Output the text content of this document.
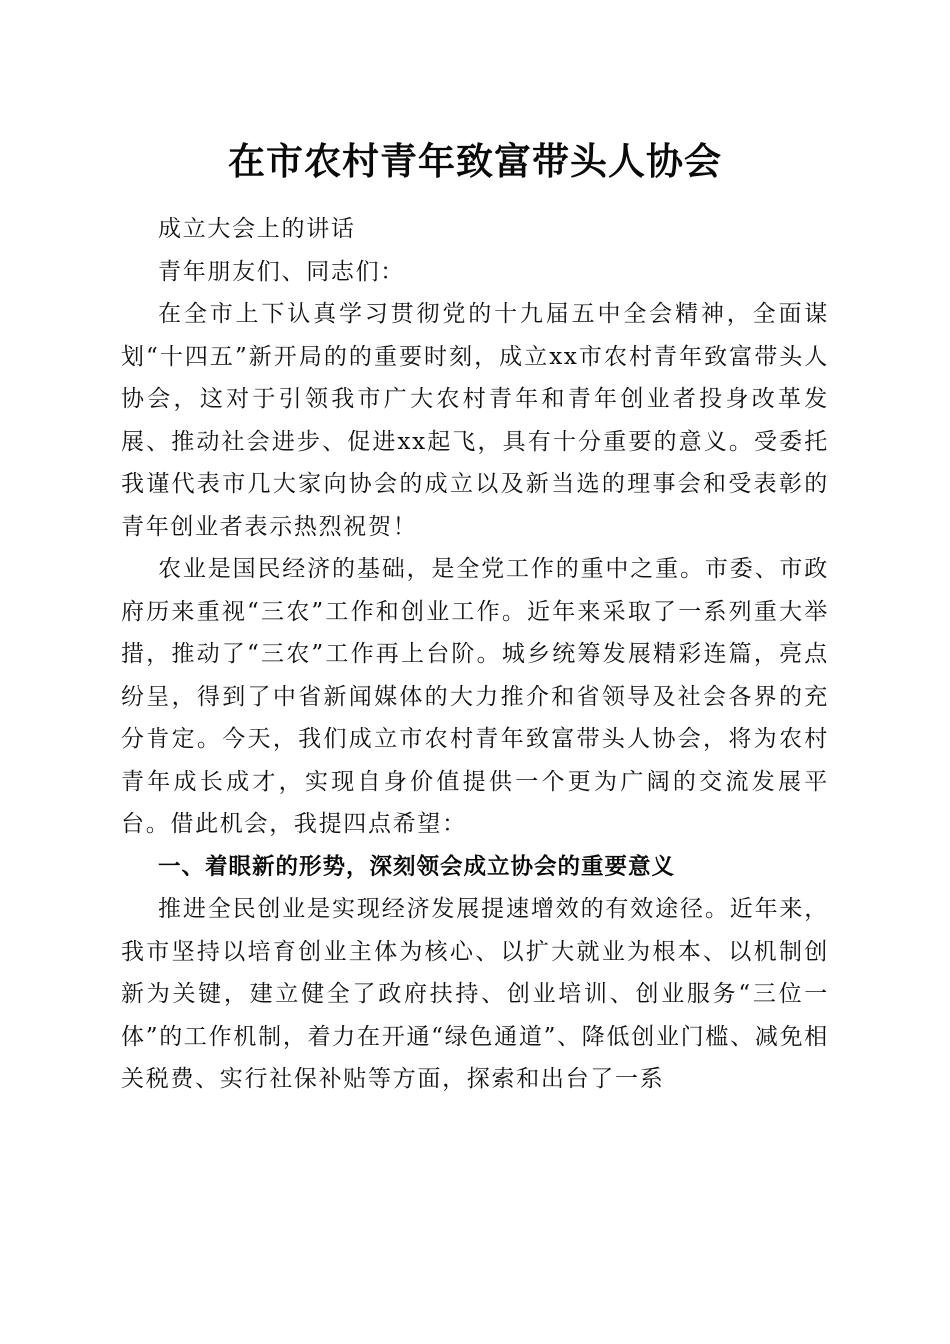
在市农村青年致富带头人协会

成立大会上的讲话

青年朋友们、同志们：

在全市上下认真学习贯彻党的十九届五中全会精神，全面谋划“十四五”新开局的的重要时刻，成立xx市农村青年致富带头人协会，这对于引领我市广大农村青年和青年创业者投身改革发展、推动社会进步、促进xx起飞，具有十分重要的意义。受委托我谨代表市几大家向协会的成立以及新当选的理事会和受表彰的青年创业者表示热烈祝贺！

农业是国民经济的基础，是全党工作的重中之重。市委、市政府历来重视“三农”工作和创业工作。近年来采取了一系列重大举措，推动了“三农”工作再上台阶。城乡统筹发展精彩连篇，亮点纷呈，得到了中省新闻媒体的大力推介和省领导及社会各界的充分肯定。今天，我们成立市农村青年致富带头人协会，将为农村青年成长成才，实现自身价值提供一个更为广阔的交流发展平台。借此机会，我提四点希望：

一、着眼新的形势，深刻领会成立协会的重要意义

推进全民创业是实现经济发展提速增效的有效途径。近年来，我市坚持以培育创业主体为核心、以扩大就业为根本、以机制创新为关键，建立健全了政府扶持、创业培训、创业服务“三位一体”的工作机制，着力在开通“绿色通道”、降低创业门槛、减免相关税费、实行社保补贴等方面，探索和出台了一系
